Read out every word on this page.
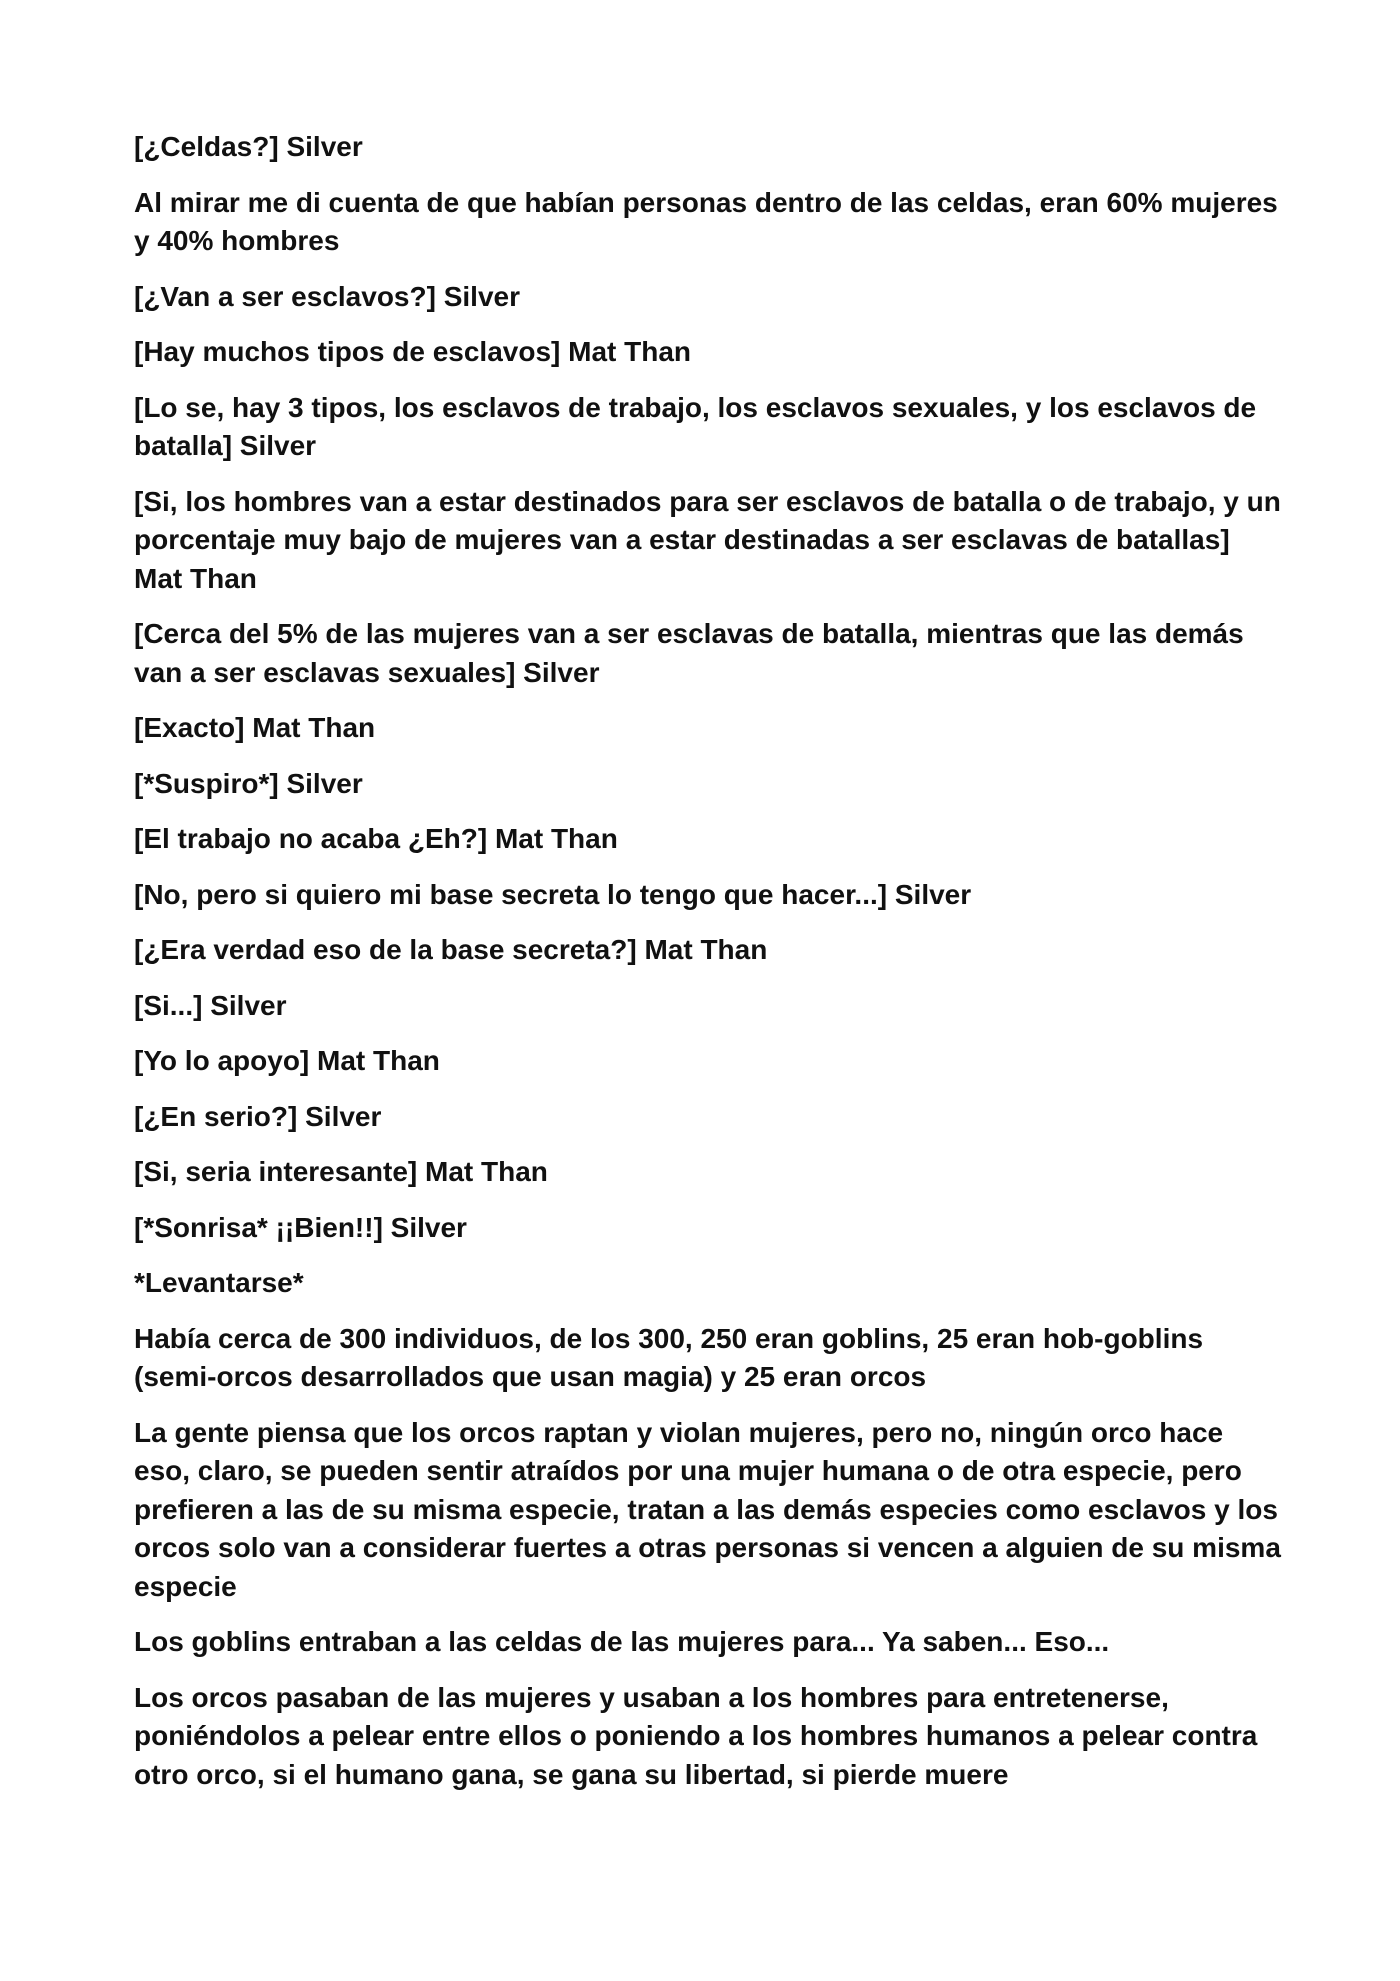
[¿Celdas?] Silver

Al mirar me di cuenta de que habían personas dentro de las celdas, eran 60% mujeres y 40% hombres

[¿Van a ser esclavos?] Silver

[Hay muchos tipos de esclavos] Mat Than

[Lo se, hay 3 tipos, los esclavos de trabajo, los esclavos sexuales, y los esclavos de batalla] Silver

[Si, los hombres van a estar destinados para ser esclavos de batalla o de trabajo, y un porcentaje muy bajo de mujeres van a estar destinadas a ser esclavas de batallas] Mat Than

[Cerca del 5% de las mujeres van a ser esclavas de batalla, mientras que las demás van a ser esclavas sexuales] Silver

[Exacto] Mat Than

[*Suspiro*] Silver

[El trabajo no acaba ¿Eh?] Mat Than

[No, pero si quiero mi base secreta lo tengo que hacer...] Silver

[¿Era verdad eso de la base secreta?] Mat Than

[Si...] Silver

[Yo lo apoyo] Mat Than

[¿En serio?] Silver

[Si, seria interesante] Mat Than

[*Sonrisa* ¡¡Bien!!] Silver

*Levantarse*

Había cerca de 300 individuos, de los 300, 250 eran goblins, 25 eran hob-goblins (semi-orcos desarrollados que usan magia) y 25 eran orcos

La gente piensa que los orcos raptan y violan mujeres, pero no, ningún orco hace eso, claro, se pueden sentir atraídos por una mujer humana o de otra especie, pero prefieren a las de su misma especie, tratan a las demás especies como esclavos y los orcos solo van a considerar fuertes a otras personas si vencen a alguien de su misma especie

Los goblins entraban a las celdas de las mujeres para... Ya saben... Eso...

Los orcos pasaban de las mujeres y usaban a los hombres para entretenerse, poniéndolos a pelear entre ellos o poniendo a los hombres humanos a pelear contra otro orco, si el humano gana, se gana su libertad, si pierde muere
